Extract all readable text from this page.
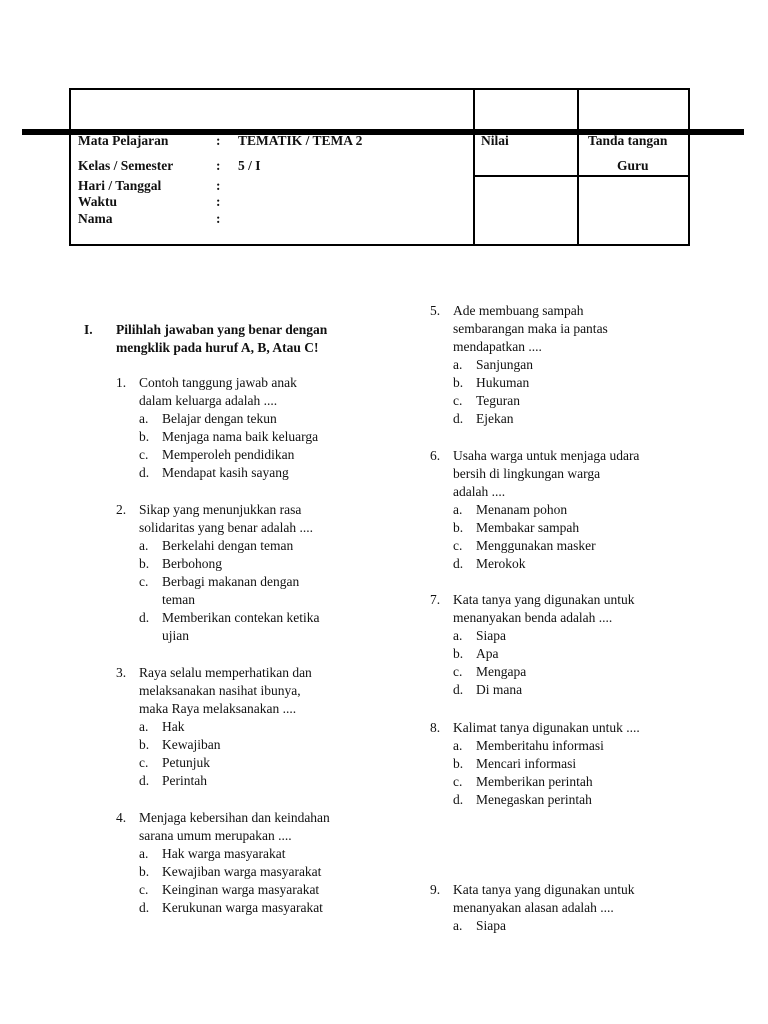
Mata Pelajaran	: TEMATIK / TEMA 2
Kelas / Semester	: 5 / I
Hari / Tanggal	:
Waktu	:
Nama	:
Nilai	Tanda tangan
Guru
I. Pilihlah jawaban yang benar dengan
mengklik pada huruf A, B, Atau C!
1. Contoh tanggung jawab anak
dalam keluarga adalah ....
a. Belajar dengan tekun
b. Menjaga nama baik keluarga
c. Memperoleh pendidikan
d. Mendapat kasih sayang
2. Sikap yang menunjukkan rasa
solidaritas yang benar adalah ....
a. Berkelahi dengan teman
b. Berbohong
c. Berbagi makanan dengan
teman
d. Memberikan contekan ketika
ujian
3. Raya selalu memperhatikan dan
melaksanakan nasihat ibunya,
maka Raya melaksanakan ....
a. Hak
b. Kewajiban
c. Petunjuk
d. Perintah
4. Menjaga kebersihan dan keindahan
sarana umum merupakan ....
a. Hak warga masyarakat
b. Kewajiban warga masyarakat
c. Keinginan warga masyarakat
d. Kerukunan warga masyarakat
5. Ade membuang sampah
sembarangan maka ia pantas
mendapatkan ....
a. Sanjungan
b. Hukuman
c. Teguran
d. Ejekan
6. Usaha warga untuk menjaga udara
bersih di lingkungan warga
adalah ....
a. Menanam pohon
b. Membakar sampah
c. Menggunakan masker
d. Merokok
7. Kata tanya yang digunakan untuk
menanyakan benda adalah ....
a. Siapa
b. Apa
c. Mengapa
d. Di mana
8. Kalimat tanya digunakan untuk ....
a. Memberitahu informasi
b. Mencari informasi
c. Memberikan perintah
d. Menegaskan perintah
9. Kata tanya yang digunakan untuk
menanyakan alasan adalah ....
a. Siapa
